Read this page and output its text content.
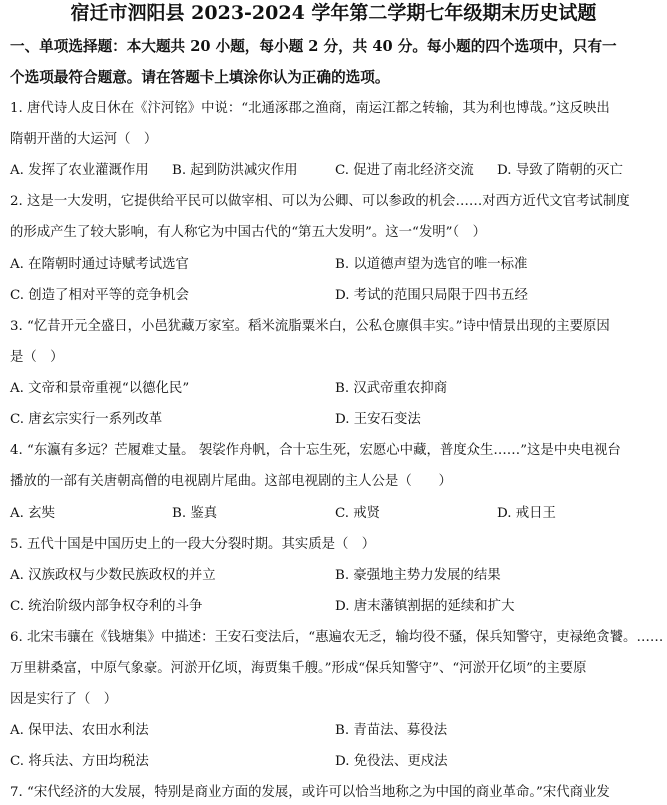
宿迁市泗阳县 2023-2024 学年第二学期七年级期末历史试题
一、单项选择题：本大题共 20 小题，每小题 2 分，共 40 分。每小题的四个选项中，只有一
个选项最符合题意。请在答题卡上填涂你认为正确的选项。
1. 唐代诗人皮日休在《汴河铭》中说：“北通涿郡之渔商，南运江都之转输，其为利也博哉。”这反映出
隋朝开凿的大运河（　）
A. 发挥了农业灌溉作用 B. 起到防洪减灾作用	C. 促进了南北经济交流 D. 导致了隋朝的灭亡
2. 这是一大发明，它提供给平民可以做宰相、可以为公卿、可以参政的机会……对西方近代文官考试制度
的形成产生了较大影响，有人称它为中国古代的“第五大发明”。这一“发明”（　）
A. 在隋朝时通过诗赋考试选官	B. 以道德声望为选官的唯一标准
C. 创造了相对平等的竞争机会	D. 考试的范围只局限于四书五经
3. “忆昔开元全盛日，小邑犹藏万家室。稻米流脂粟米白，公私仓廪俱丰实。”诗中情景出现的主要原因
是（　）
A. 文帝和景帝重视“以德化民”	B. 汉武帝重农抑商
C. 唐玄宗实行一系列改革	D. 王安石变法
4. “东瀛有多远？芒履难丈量。 袈裟作舟帆，合十忘生死，宏愿心中藏，普度众生……”这是中央电视台
播放的一部有关唐朝高僧的电视剧片尾曲。这部电视剧的主人公是（　　）
A. 玄奘	B. 鉴真	C. 戒贤	D. 戒日王
5. 五代十国是中国历史上的一段大分裂时期。其实质是（　）
A. 汉族政权与少数民族政权的并立	B. 豪强地主势力发展的结果
C. 统治阶级内部争权夺利的斗争	D. 唐末藩镇割据的延续和扩大
6. 北宋韦骧在《钱塘集》中描述：王安石变法后，“惠遍农无乏，输均役不骚，保兵知警守，吏禄绝贪饕。……
万里耕桑富，中原气象豪。河淤开亿顷，海贾集千艘。”形成“保兵知警守”、“河淤开亿顷”的主要原
因是实行了（　）
A. 保甲法、农田水利法	B. 青苗法、募役法
C. 将兵法、方田均税法	D. 免役法、更戍法
7. “宋代经济的大发展，特别是商业方面的发展，或许可以恰当地称之为中国的商业革命。”宋代商业发
